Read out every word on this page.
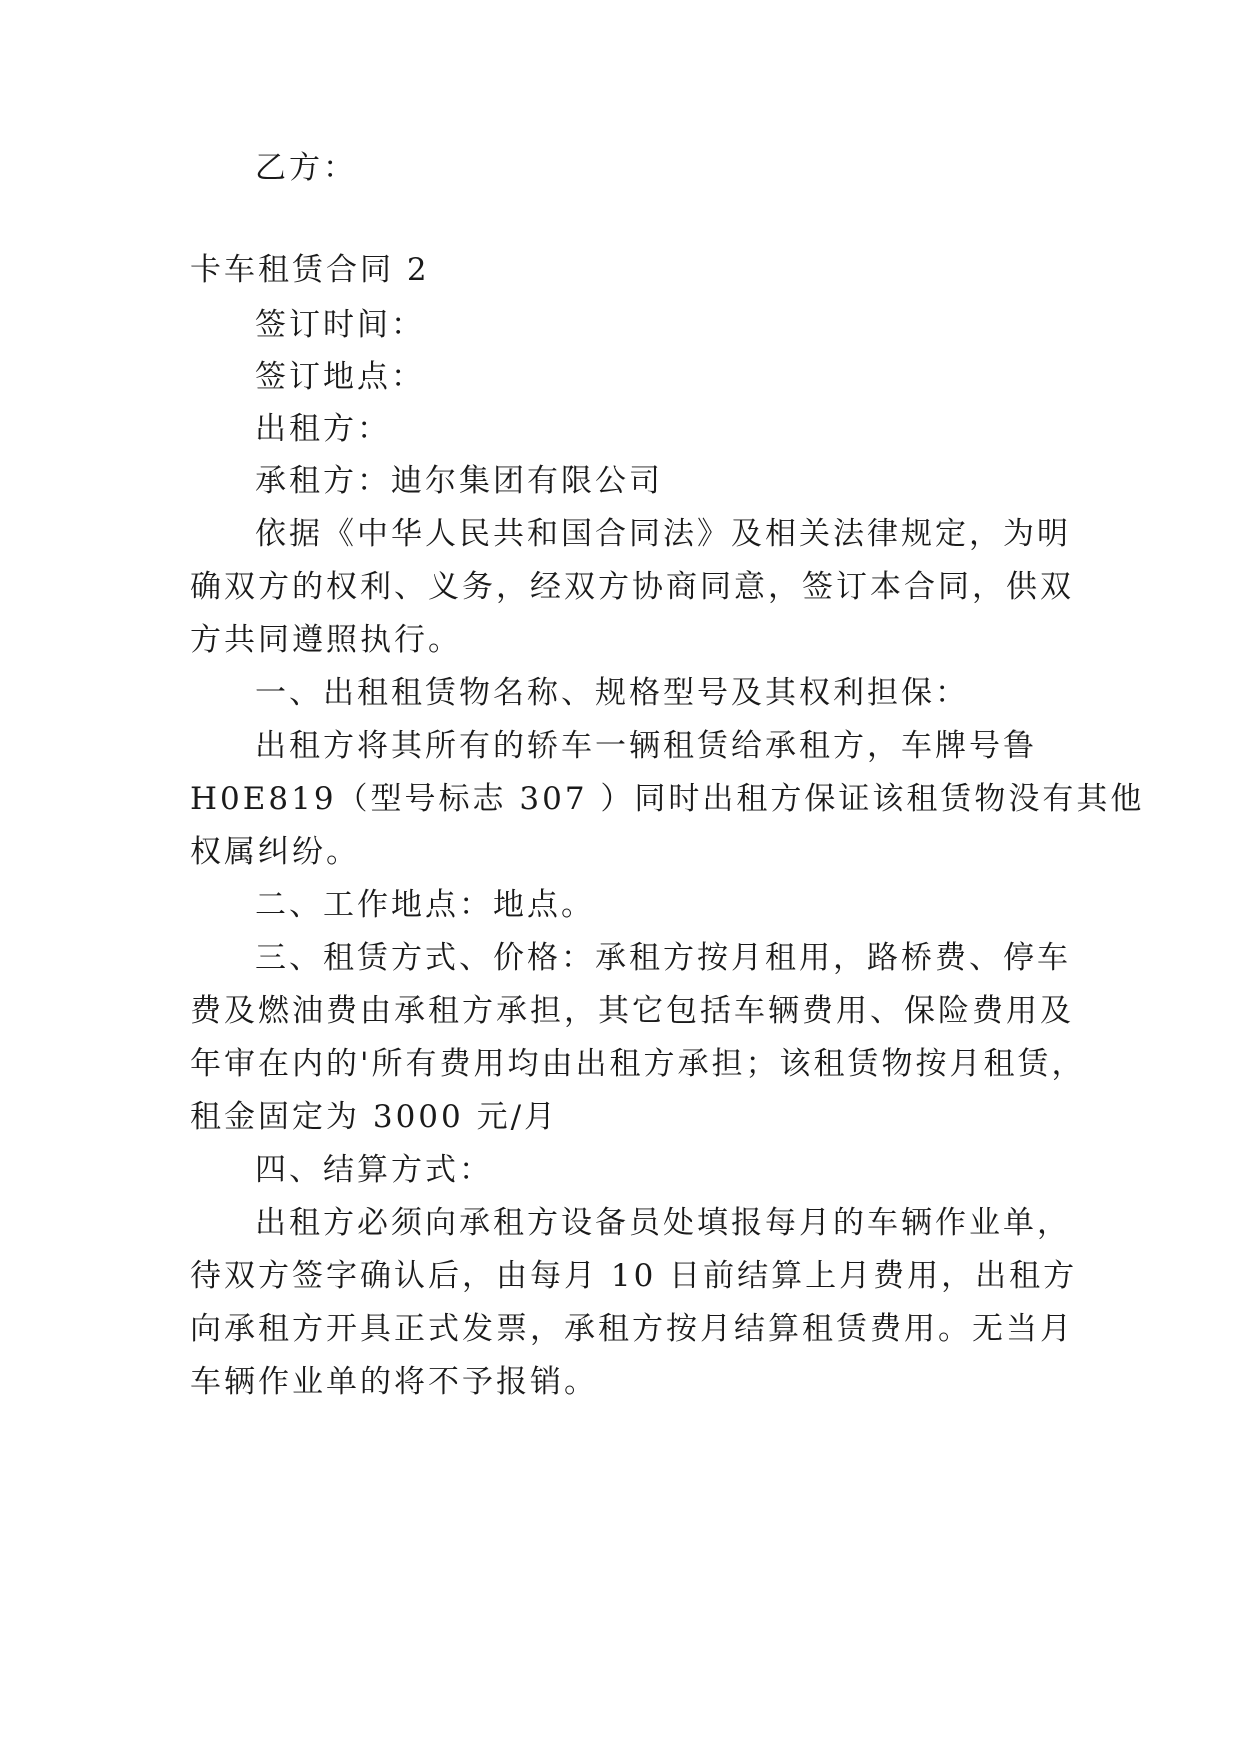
乙方：
卡车租赁合同 2
签订时间：
签订地点：
出租方：
承租方：迪尔集团有限公司
依据《中华人民共和国合同法》及相关法律规定，为明
确双方的权利、义务，经双方协商同意，签订本合同，供双
方共同遵照执行。
一、出租租赁物名称、规格型号及其权利担保：
出租方将其所有的轿车一辆租赁给承租方，车牌号鲁
H0E819（型号标志 307 ）同时出租方保证该租赁物没有其他
权属纠纷。
二、工作地点：地点。
三、租赁方式、价格：承租方按月租用，路桥费、停车
费及燃油费由承租方承担，其它包括车辆费用、保险费用及
年审在内的'所有费用均由出租方承担；该租赁物按月租赁，
租金固定为 3000 元/月
四、结算方式：
出租方必须向承租方设备员处填报每月的车辆作业单，
待双方签字确认后，由每月 10 日前结算上月费用，出租方
向承租方开具正式发票，承租方按月结算租赁费用。无当月
车辆作业单的将不予报销。
